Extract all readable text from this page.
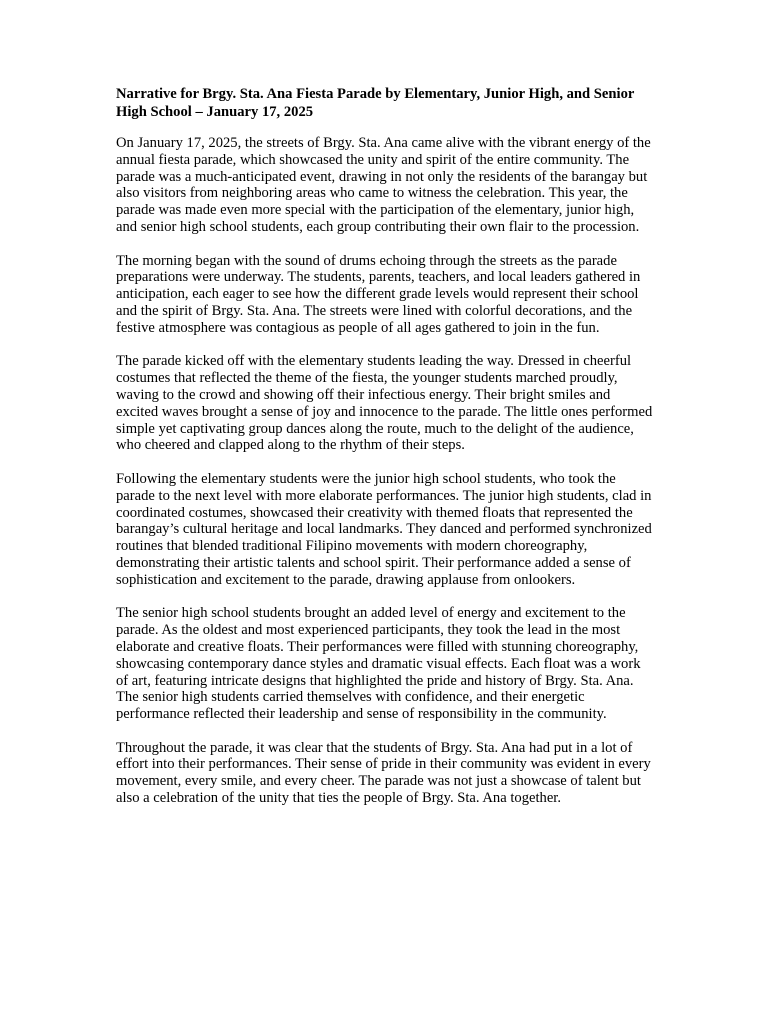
Narrative for Brgy. Sta. Ana Fiesta Parade by Elementary, Junior High, and Senior High School – January 17, 2025

On January 17, 2025, the streets of Brgy. Sta. Ana came alive with the vibrant energy of the annual fiesta parade, which showcased the unity and spirit of the entire community. The parade was a much-anticipated event, drawing in not only the residents of the barangay but also visitors from neighboring areas who came to witness the celebration. This year, the parade was made even more special with the participation of the elementary, junior high, and senior high school students, each group contributing their own flair to the procession.

The morning began with the sound of drums echoing through the streets as the parade preparations were underway. The students, parents, teachers, and local leaders gathered in anticipation, each eager to see how the different grade levels would represent their school and the spirit of Brgy. Sta. Ana. The streets were lined with colorful decorations, and the festive atmosphere was contagious as people of all ages gathered to join in the fun.

The parade kicked off with the elementary students leading the way. Dressed in cheerful costumes that reflected the theme of the fiesta, the younger students marched proudly, waving to the crowd and showing off their infectious energy. Their bright smiles and excited waves brought a sense of joy and innocence to the parade. The little ones performed simple yet captivating group dances along the route, much to the delight of the audience, who cheered and clapped along to the rhythm of their steps.

Following the elementary students were the junior high school students, who took the parade to the next level with more elaborate performances. The junior high students, clad in coordinated costumes, showcased their creativity with themed floats that represented the barangay’s cultural heritage and local landmarks. They danced and performed synchronized routines that blended traditional Filipino movements with modern choreography, demonstrating their artistic talents and school spirit. Their performance added a sense of sophistication and excitement to the parade, drawing applause from onlookers.

The senior high school students brought an added level of energy and excitement to the parade. As the oldest and most experienced participants, they took the lead in the most elaborate and creative floats. Their performances were filled with stunning choreography, showcasing contemporary dance styles and dramatic visual effects. Each float was a work of art, featuring intricate designs that highlighted the pride and history of Brgy. Sta. Ana. The senior high students carried themselves with confidence, and their energetic performance reflected their leadership and sense of responsibility in the community.

Throughout the parade, it was clear that the students of Brgy. Sta. Ana had put in a lot of effort into their performances. Their sense of pride in their community was evident in every movement, every smile, and every cheer. The parade was not just a showcase of talent but also a celebration of the unity that ties the people of Brgy. Sta. Ana together.
